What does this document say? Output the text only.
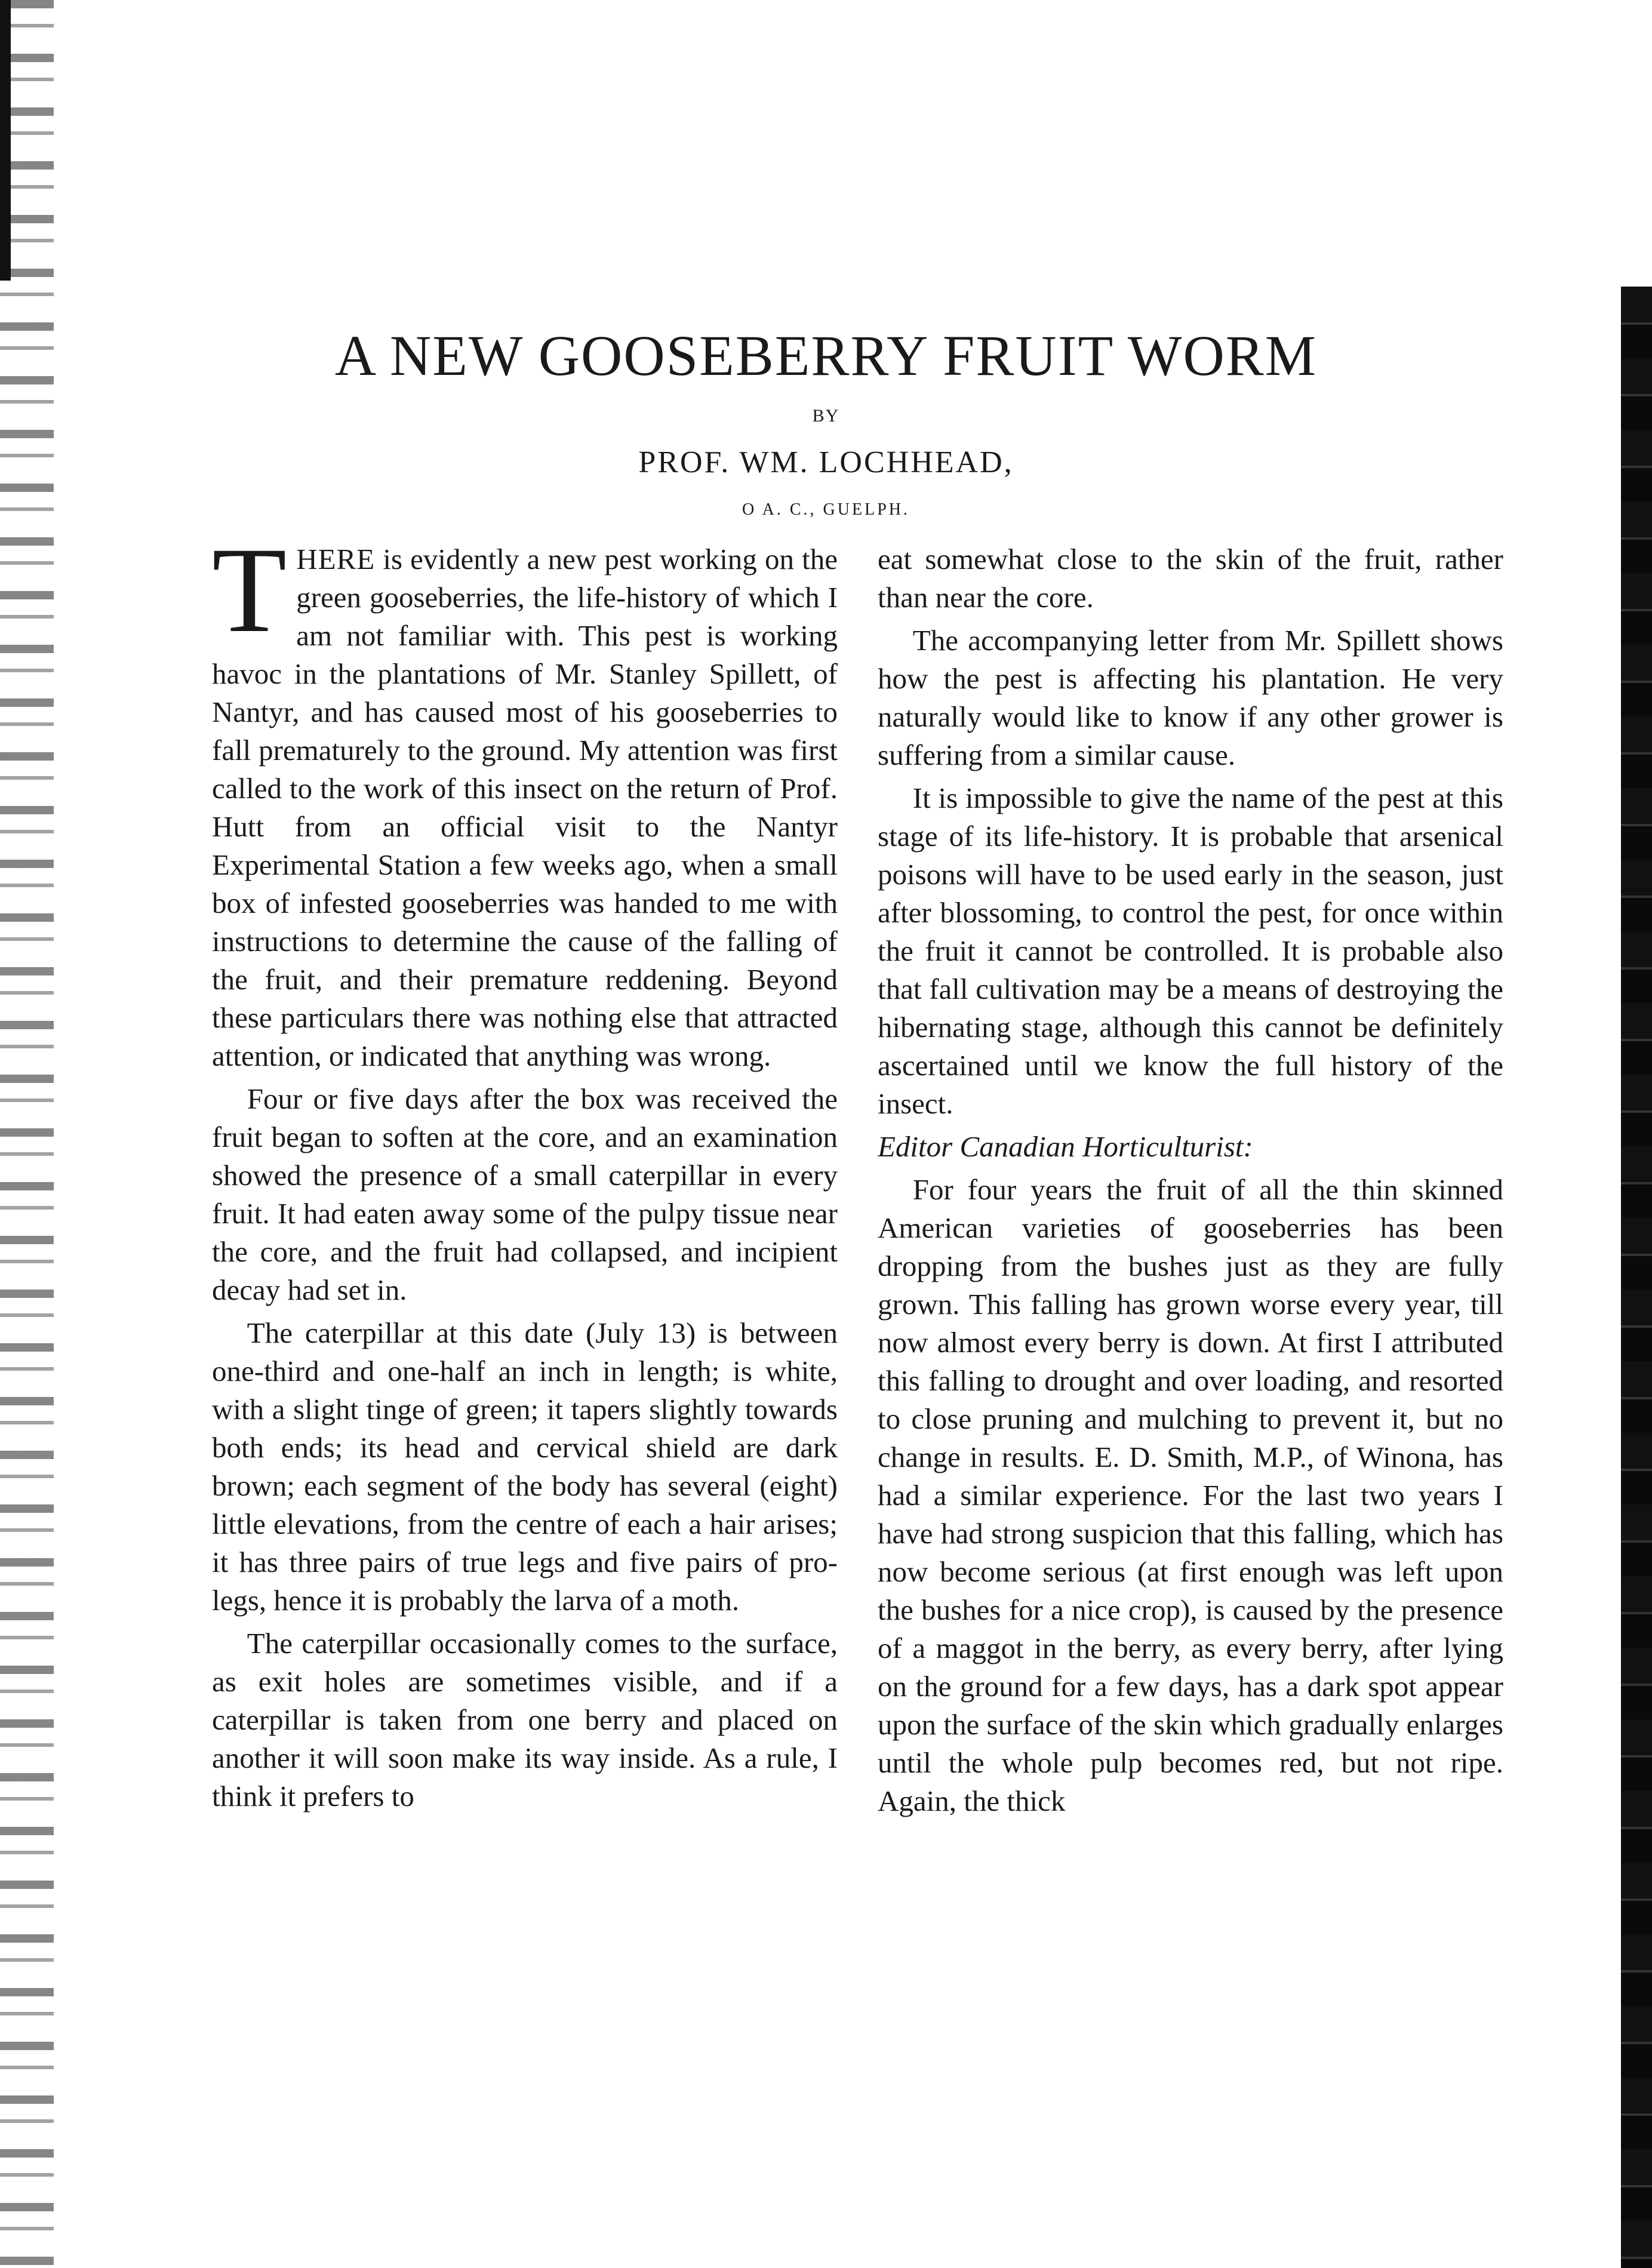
A NEW GOOSEBERRY FRUIT WORM
BY
PROF. WM. LOCHHEAD,
O A. C., GUELPH.

THERE is evidently a new pest working on the green gooseberries, the life-history of which I am not familiar with. This pest is working havoc in the plantations of Mr. Stanley Spillett, of Nantyr, and has caused most of his gooseberries to fall prematurely to the ground. My attention was first called to the work of this insect on the return of Prof. Hutt from an official visit to the Nantyr Experimental Station a few weeks ago, when a small box of infested gooseberries was handed to me with instructions to determine the cause of the falling of the fruit, and their premature reddening. Beyond these particulars there was nothing else that attracted attention, or indicated that anything was wrong.

Four or five days after the box was received the fruit began to soften at the core, and an examination showed the presence of a small caterpillar in every fruit. It had eaten away some of the pulpy tissue near the core, and the fruit had collapsed, and incipient decay had set in.

The caterpillar at this date (July 13) is between one-third and one-half an inch in length; is white, with a slight tinge of green; it tapers slightly towards both ends; its head and cervical shield are dark brown; each segment of the body has several (eight) little elevations, from the centre of each a hair arises; it has three pairs of true legs and five pairs of pro-legs, hence it is probably the larva of a moth.

The caterpillar occasionally comes to the surface, as exit holes are sometimes visible, and if a caterpillar is taken from one berry and placed on another it will soon make its way inside. As a rule, I think it prefers to

eat somewhat close to the skin of the fruit, rather than near the core.

The accompanying letter from Mr. Spillett shows how the pest is affecting his plantation. He very naturally would like to know if any other grower is suffering from a similar cause.

It is impossible to give the name of the pest at this stage of its life-history. It is probable that arsenical poisons will have to be used early in the season, just after blossoming, to control the pest, for once within the fruit it cannot be controlled. It is probable also that fall cultivation may be a means of destroying the hibernating stage, although this cannot be definitely ascertained until we know the full history of the insect.

Editor Canadian Horticulturist:

For four years the fruit of all the thin skinned American varieties of gooseberries has been dropping from the bushes just as they are fully grown. This falling has grown worse every year, till now almost every berry is down. At first I attributed this falling to drought and over loading, and resorted to close pruning and mulching to prevent it, but no change in results. E. D. Smith, M.P., of Winona, has had a similar experience. For the last two years I have had strong suspicion that this falling, which has now become serious (at first enough was left upon the bushes for a nice crop), is caused by the presence of a maggot in the berry, as every berry, after lying on the ground for a few days, has a dark spot appear upon the surface of the skin which gradually enlarges until the whole pulp becomes red, but not ripe. Again, the thick
